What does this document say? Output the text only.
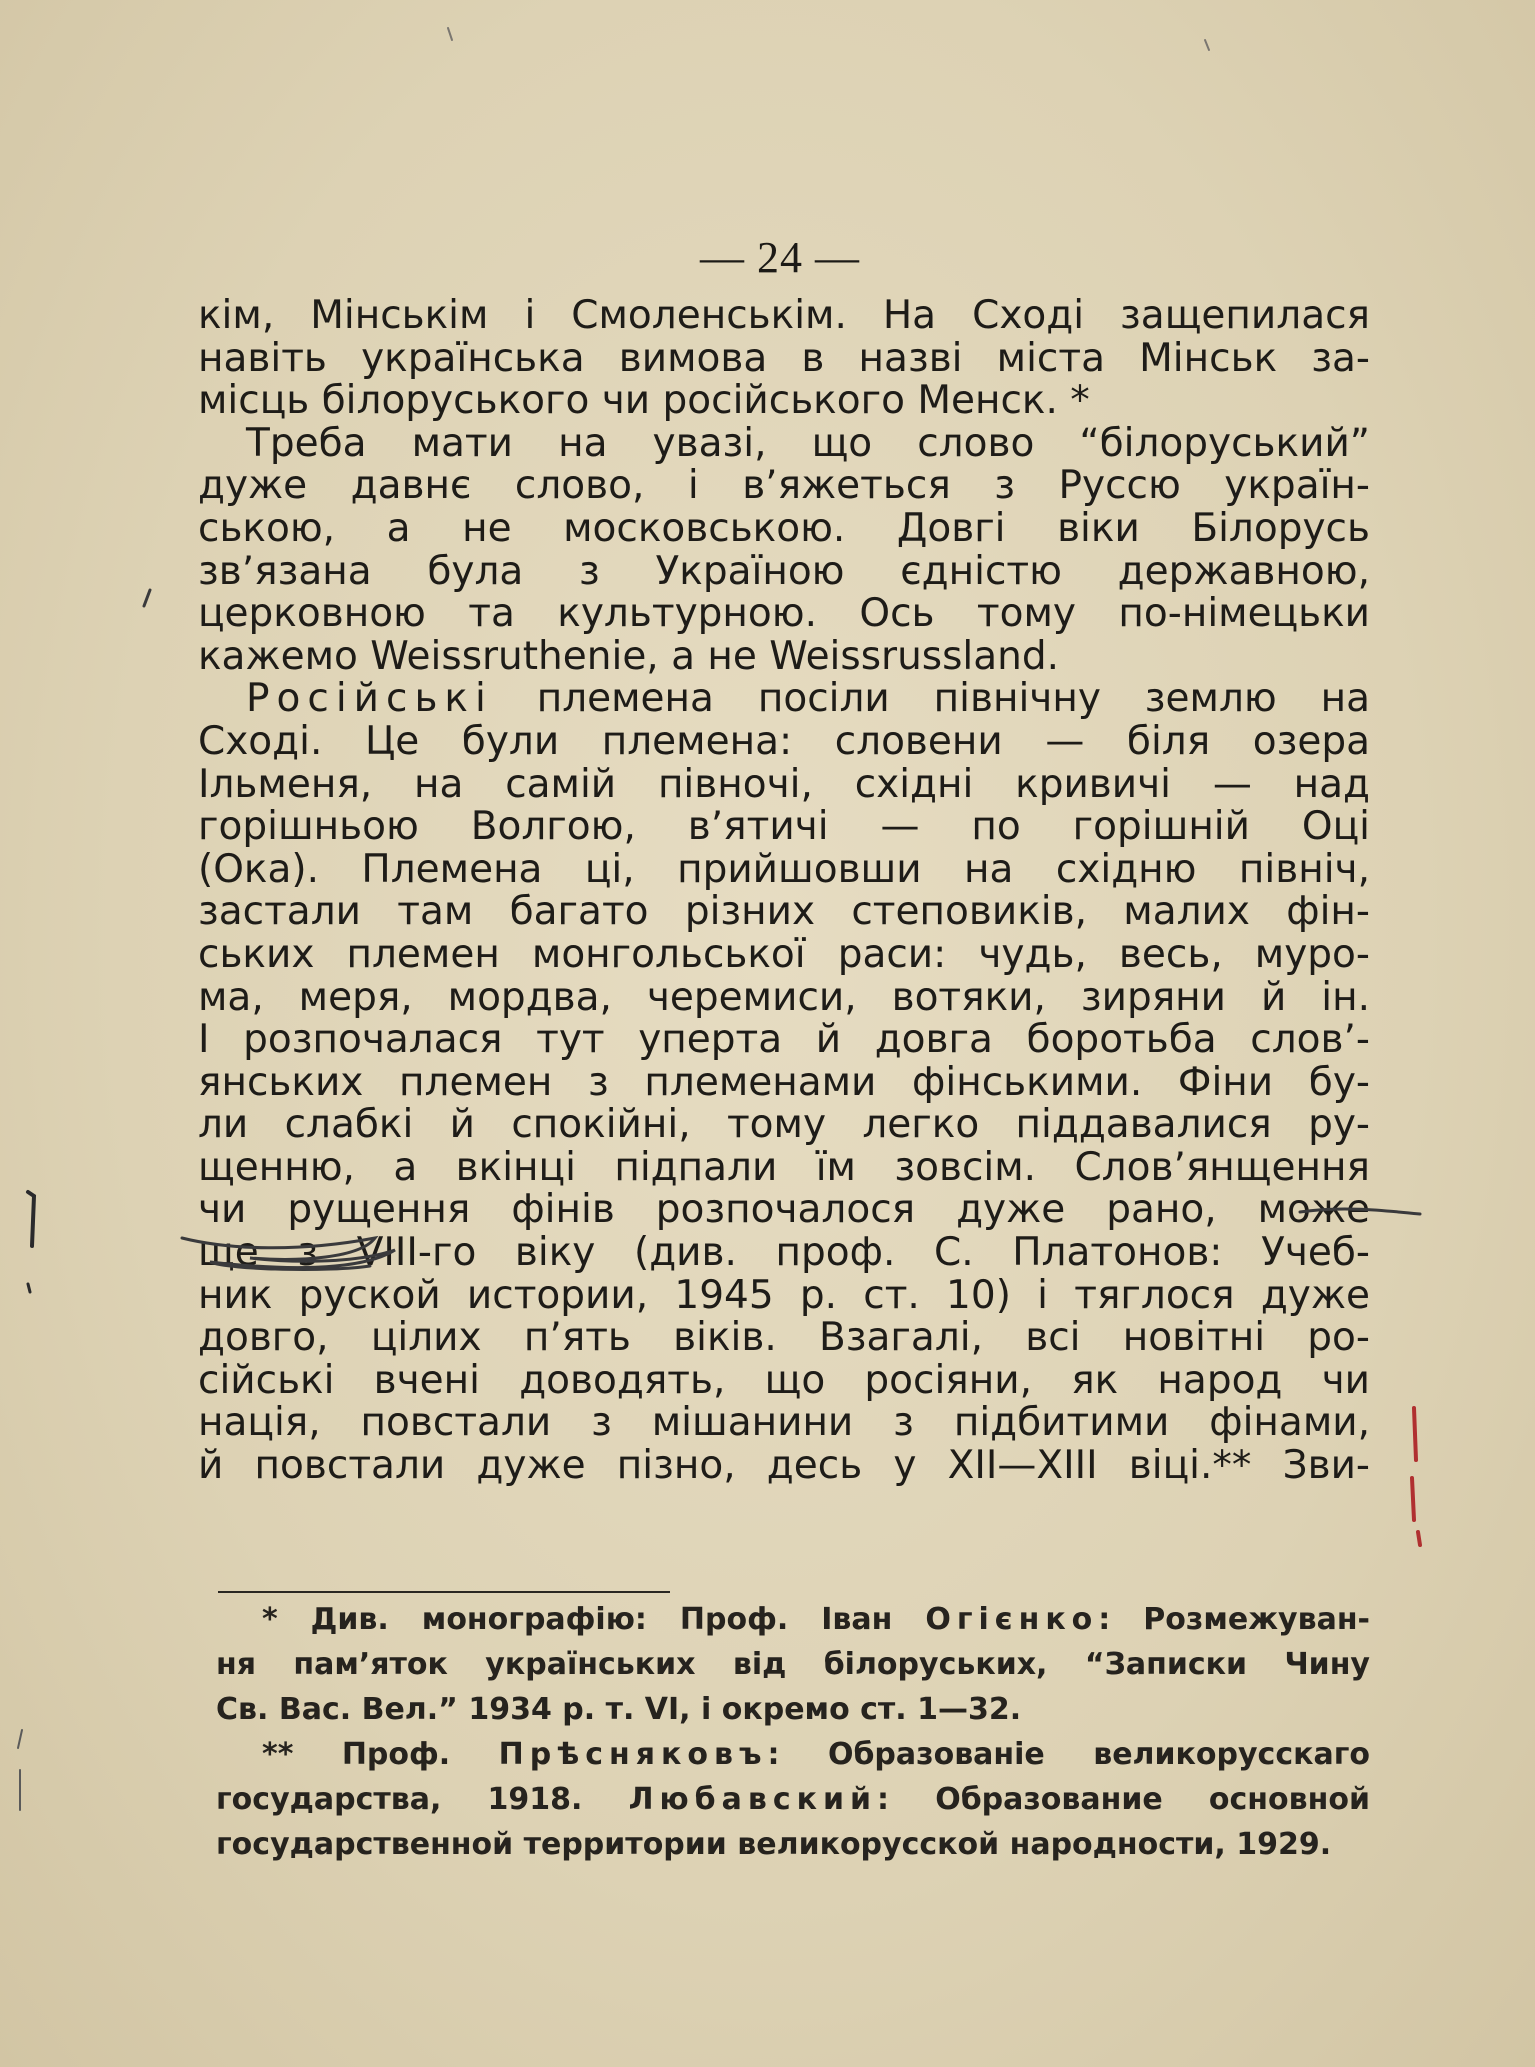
— 24 —
кім, Мінськім і Смоленськім. На Сході защепилася
навіть українська вимова в назві міста Мінськ за-
місць білоруського чи російського Менск. *
Треба мати на увазі, що слово “білоруський”
дуже давнє слово, і в’яжеться з Руссю україн-
ською, а не московською. Довгі віки Білорусь
зв’язана була з Україною єдністю державною,
церковною та культурною. Ось тому по-німецьки
кажемо Weissruthenie, а не Weissrussland.
Російські племена посіли північну землю на
Сході. Це були племена: словени — біля озера
Ільменя, на самій півночі, східні кривичі — над
горішньою Волгою, в’ятичі — по горішній Оці
(Ока). Племена ці, прийшовши на східню північ,
застали там багато різних степовиків, малих фін-
ських племен монгольської раси: чудь, весь, муро-
ма, меря, мордва, черемиси, вотяки, зиряни й ін.
І розпочалася тут уперта й довга боротьба слов’-
янських племен з племенами фінськими. Фіни бу-
ли слабкі й спокійні, тому легко піддавалися ру-
щенню, а вкінці підпали їм зовсім. Слов’янщення
чи рущення фінів розпочалося дуже рано, може
ще з VIII-го віку (див. проф. С. Платонов: Учеб-
ник руской истории, 1945 р. ст. 10) і тяглося дуже
довго, цілих п’ять віків. Взагалі, всі новітні ро-
сійські вчені доводять, що росіяни, як народ чи
нація, повстали з мішанини з підбитими фінами,
й повстали дуже пізно, десь у XII—XIII віці.** Зви-
* Див. монографію: Проф. Іван Огієнко: Розмежуван-
ня пам’яток українських від білоруських, “Записки Чину
Св. Вас. Вел.” 1934 р. т. VI, і окремо ст. 1—32.
** Проф. Прѣсняковъ: Образованіе великорусскаго
государства, 1918. Любавский: Образование основной
государственной территории великорусской народности, 1929.
